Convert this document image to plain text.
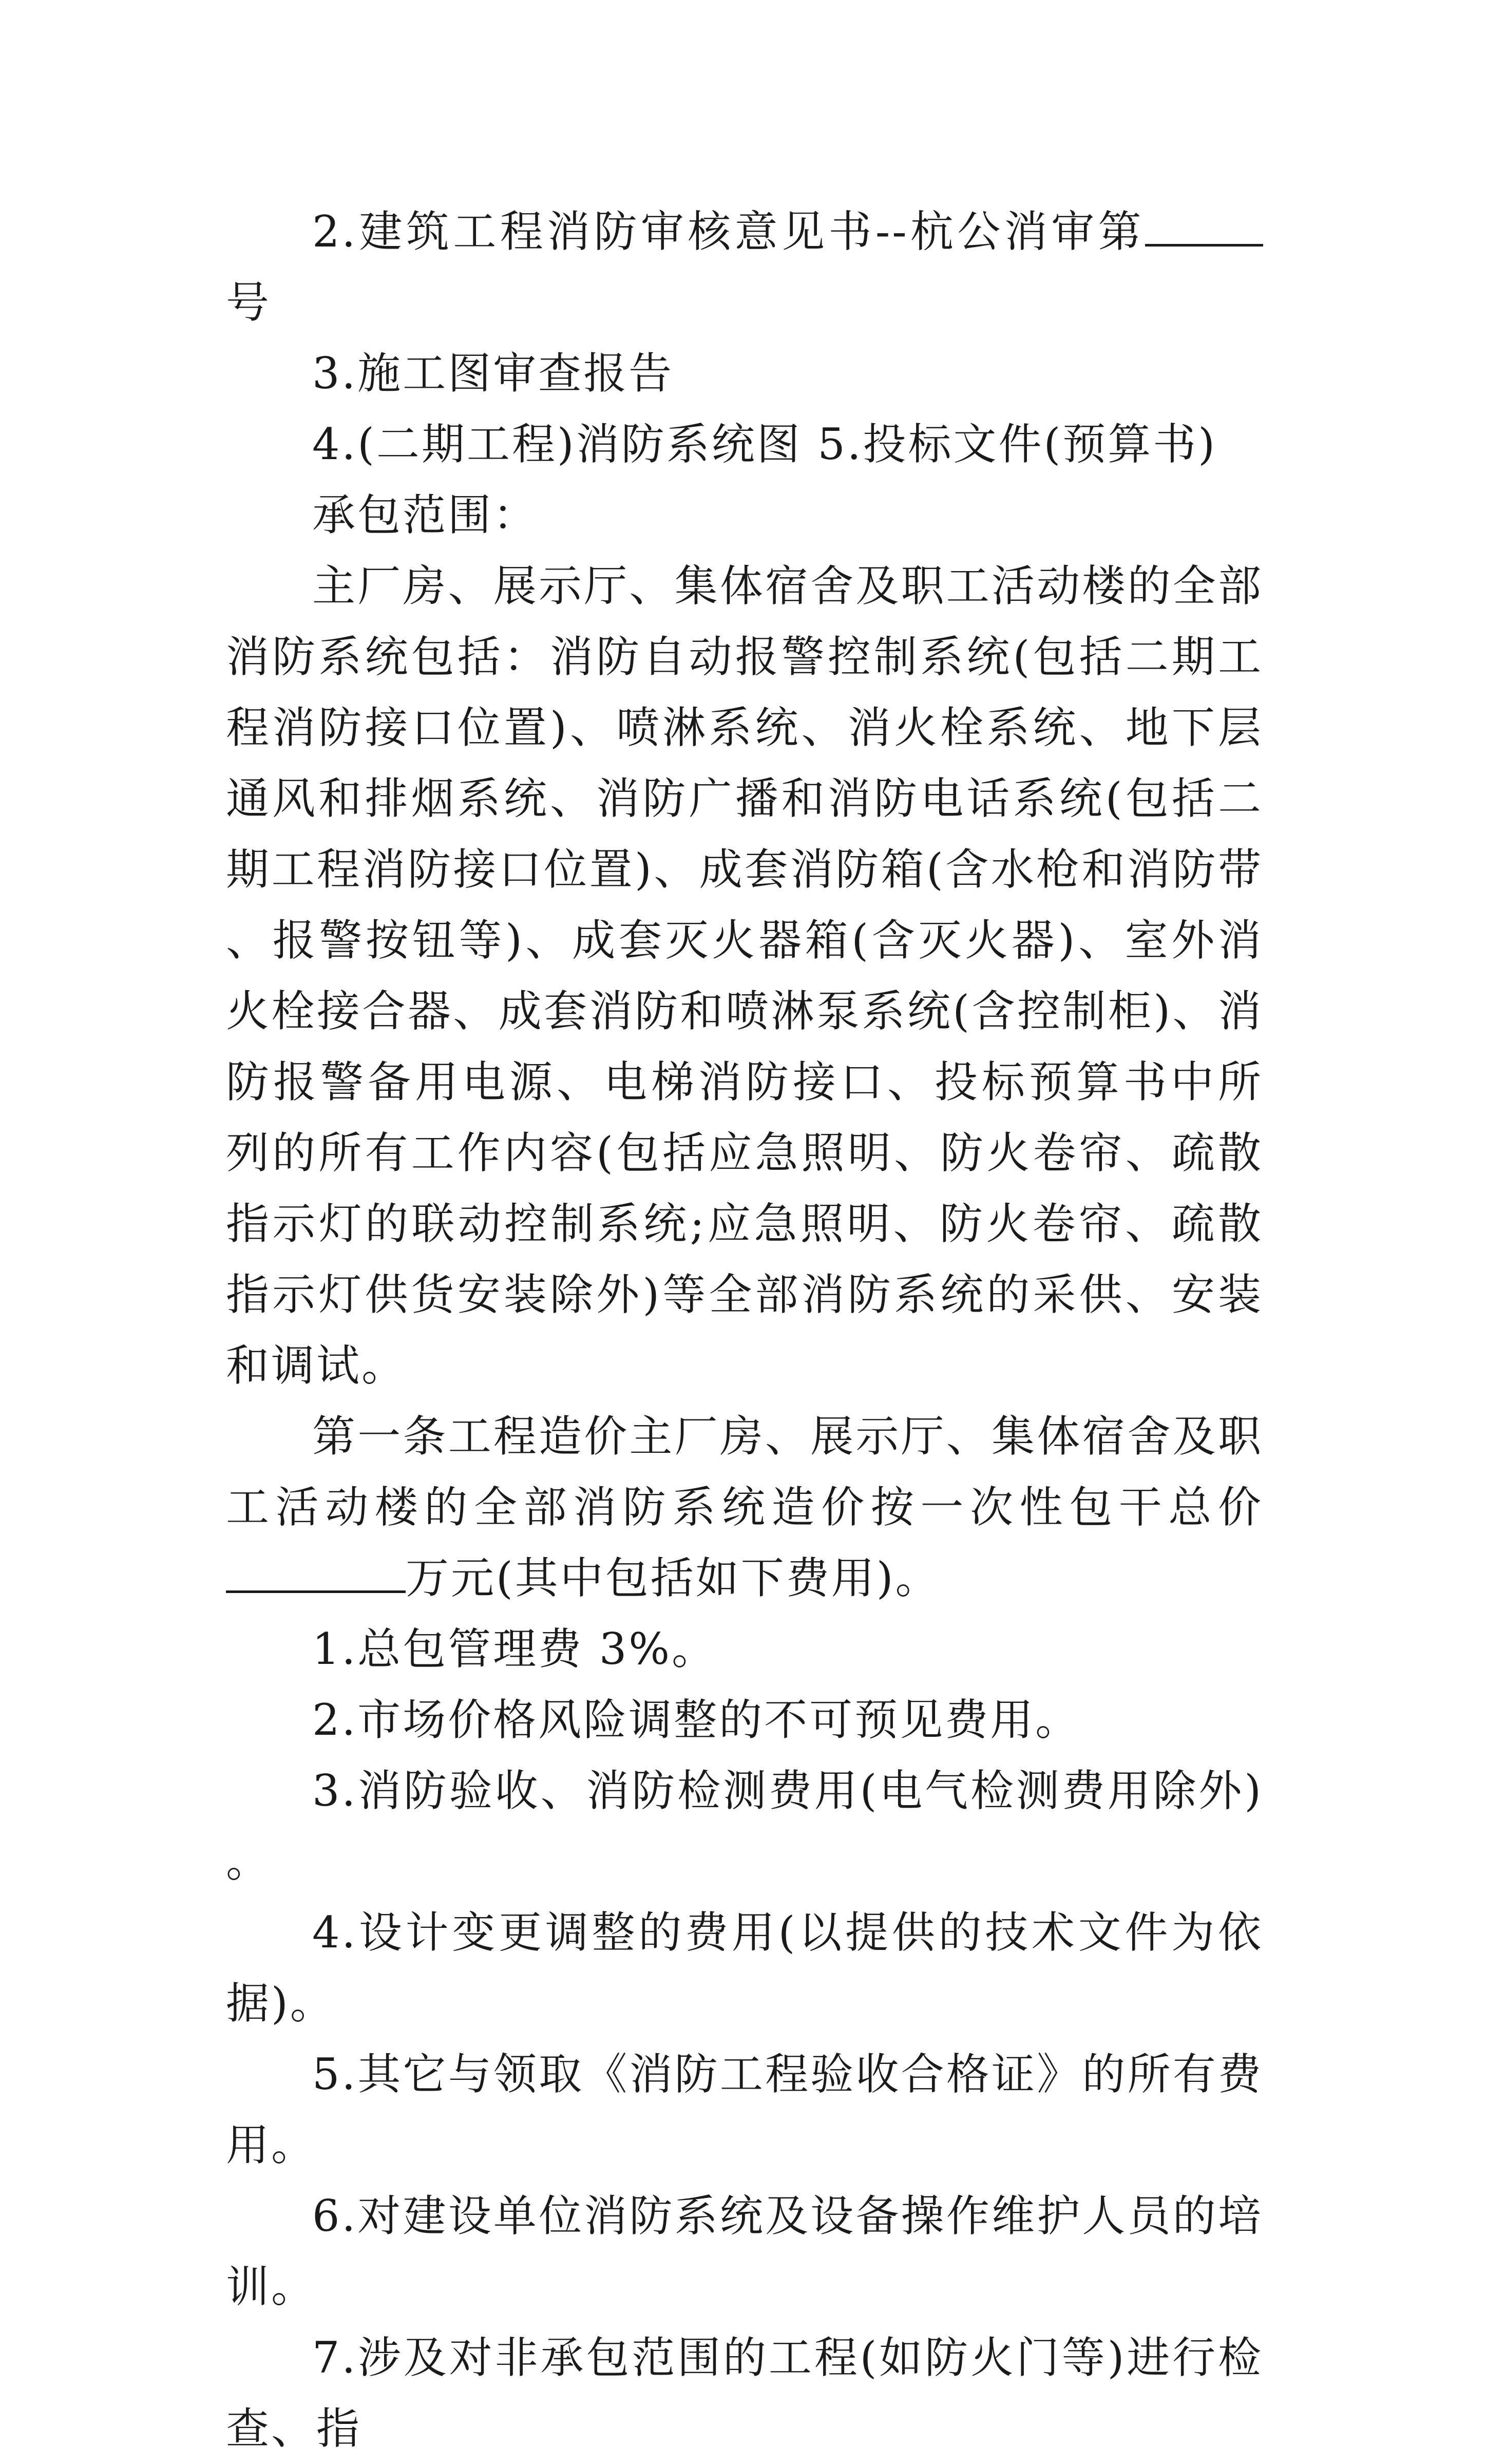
2.建筑工程消防审核意见书--杭公消审第号

3.施工图审查报告

4.(二期工程)消防系统图 5.投标文件(预算书)

承包范围：

主厂房、展示厅、集体宿舍及职工活动楼的全部消防系统包括：消防自动报警控制系统(包括二期工程消防接口位置)、喷淋系统、消火栓系统、地下层通风和排烟系统、消防广播和消防电话系统(包括二期工程消防接口位置)、成套消防箱(含水枪和消防带、报警按钮等)、成套灭火器箱(含灭火器)、室外消火栓接合器、成套消防和喷淋泵系统(含控制柜)、消防报警备用电源、电梯消防接口、投标预算书中所列的所有工作内容(包括应急照明、防火卷帘、疏散指示灯的联动控制系统;应急照明、防火卷帘、疏散指示灯供货安装除外)等全部消防系统的采供、安装和调试。

第一条工程造价主厂房、展示厅、集体宿舍及职工活动楼的全部消防系统造价按一次性包干总价万元(其中包括如下费用)。

1.总包管理费 3%。

2.市场价格风险调整的不可预见费用。

3.消防验收、消防检测费用(电气检测费用除外)。

4.设计变更调整的费用(以提供的技术文件为依据)。

5.其它与领取《消防工程验收合格证》的所有费用。

6.对建设单位消防系统及设备操作维护人员的培训。

7.涉及对非承包范围的工程(如防火门等)进行检查、指
